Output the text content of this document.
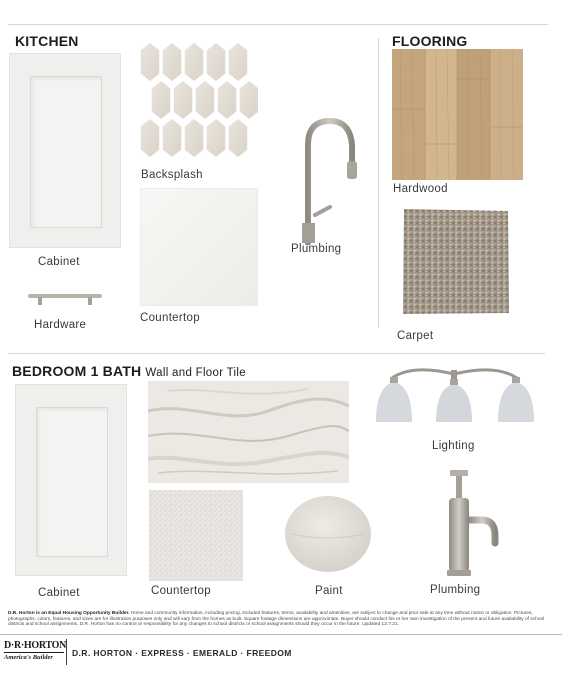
KITCHEN
Cabinet
Backsplash
Countertop
Plumbing
Hardware
FLOORING
Hardwood
Carpet
BEDROOM 1 BATH Wall and Floor Tile
Cabinet	Countertop	Paint
Lighting
Plumbing
D.R. Horton is an Equal Housing Opportunity Builder. Home and community information, including pricing, included features, terms, availability and amenities, are subject to change and prior sale at any time without notice or obligation. Pictures, photographs, colors, features, and sizes are for illustration purposes only and will vary from the homes as built. Square footage dimensions are approximate. Buyer should conduct his or her own investigation of the present and future availability of school districts and school assignments. D.R. Horton has no control or responsibility for any changes to school districts or school assignments should they occur in the future. Updated 12.7.21.
D·R·HORTON
America's Builder	D.R. HORTON · EXPRESS · EMERALD · FREEDOM
